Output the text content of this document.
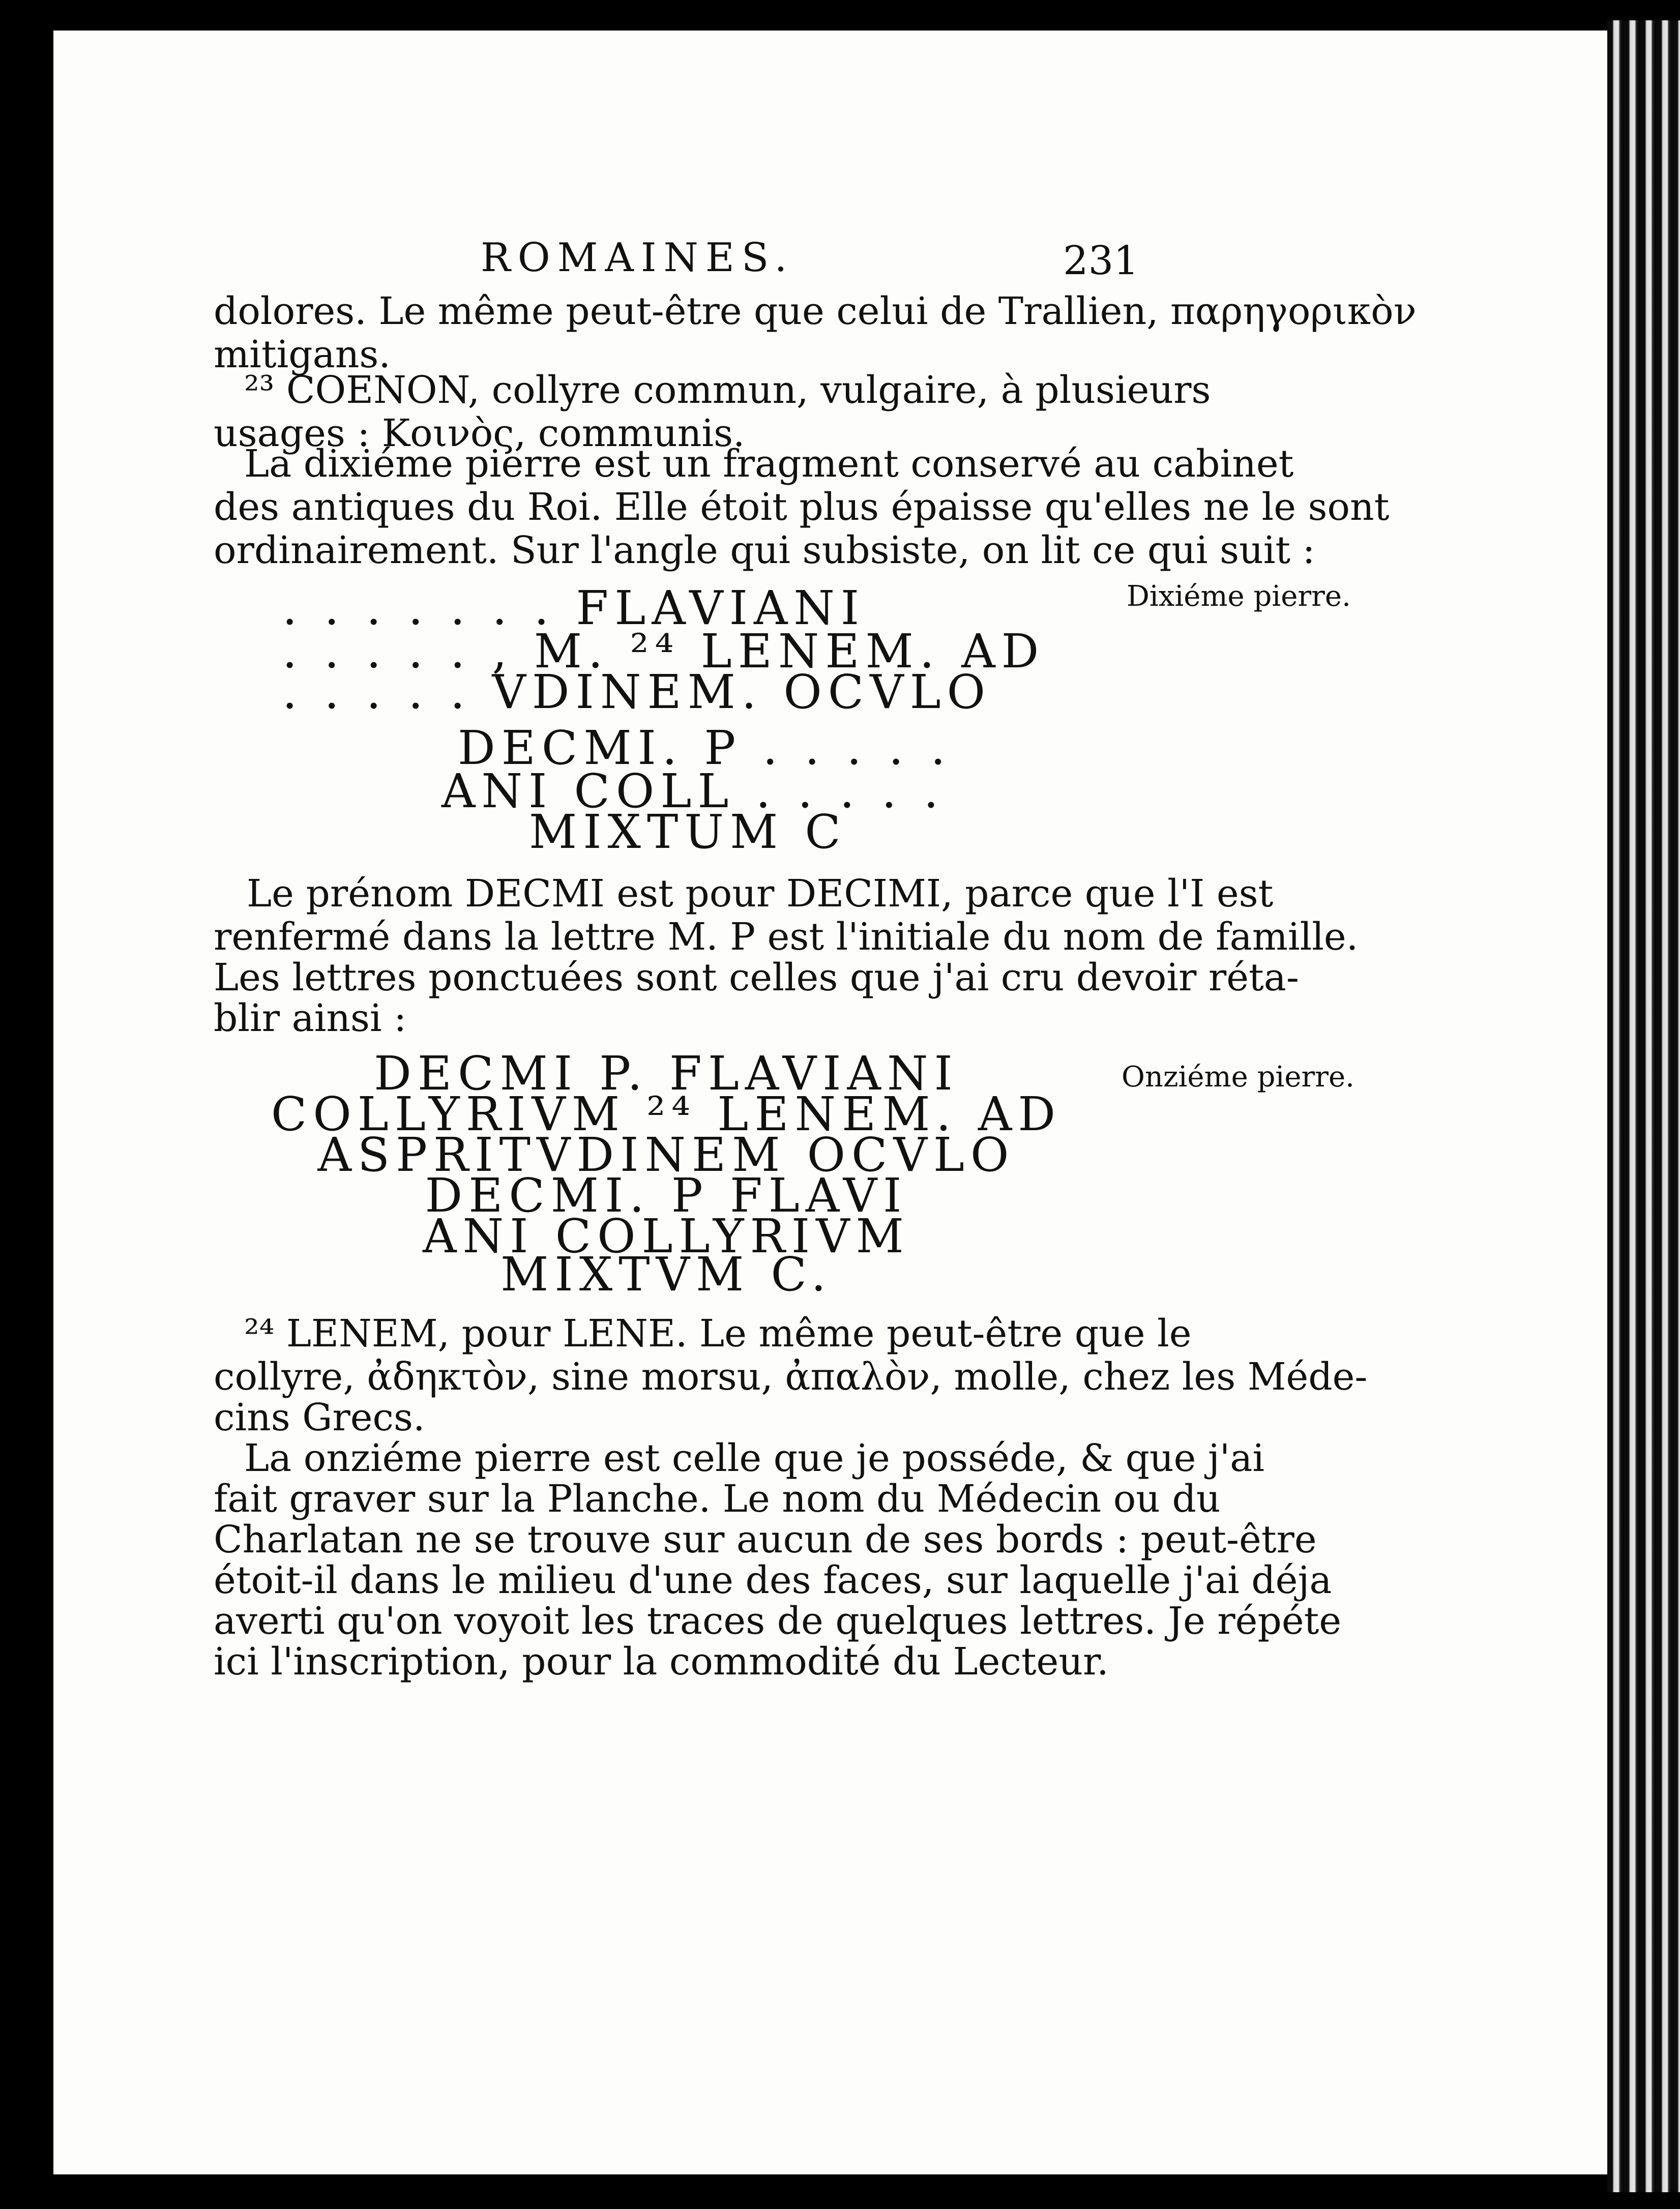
ROMAINES.	231
dolores. Le même peut-être que celui de Trallien, παρηγορικὸν
mitigans.
²³ COENON, collyre commun, vulgaire, à plusieurs
usages : Κοινὸς, communis.
La dixiéme pierre est un fragment conservé au cabinet
des antiques du Roi. Elle étoit plus épaisse qu'elles ne le sont
ordinairement. Sur l'angle qui subsiste, on lit ce qui suit :
Dixiéme pierre.
. . . . . . . FLAVIANI
. . . . . , M. ²⁴ LENEM. AD
. . . . . VDINEM. OCVLO
DECMI. P . . . . .
ANI COLL . . . . .
MIXTUM C
Le prénom DECMI est pour DECIMI, parce que l'I est
renfermé dans la lettre M. P est l'initiale du nom de famille.
Les lettres ponctuées sont celles que j'ai cru devoir réta-
blir ainsi :
Onziéme pierre.
DECMI P. FLAVIANI
COLLYRIVM ²⁴ LENEM. AD
ASPRITVDINEM OCVLO
DECMI. P FLAVI
ANI COLLYRIVM
MIXTVM C.
²⁴ LENEM, pour LENE. Le même peut-être que le
collyre, ἀδηκτὸν, sine morsu, ἀπαλὸν, molle, chez les Méde-
cins Grecs.
La onziéme pierre est celle que je posséde, & que j'ai
fait graver sur la Planche. Le nom du Médecin ou du
Charlatan ne se trouve sur aucun de ses bords : peut-être
étoit-il dans le milieu d'une des faces, sur laquelle j'ai déja
averti qu'on voyoit les traces de quelques lettres. Je répéte
ici l'inscription, pour la commodité du Lecteur.
